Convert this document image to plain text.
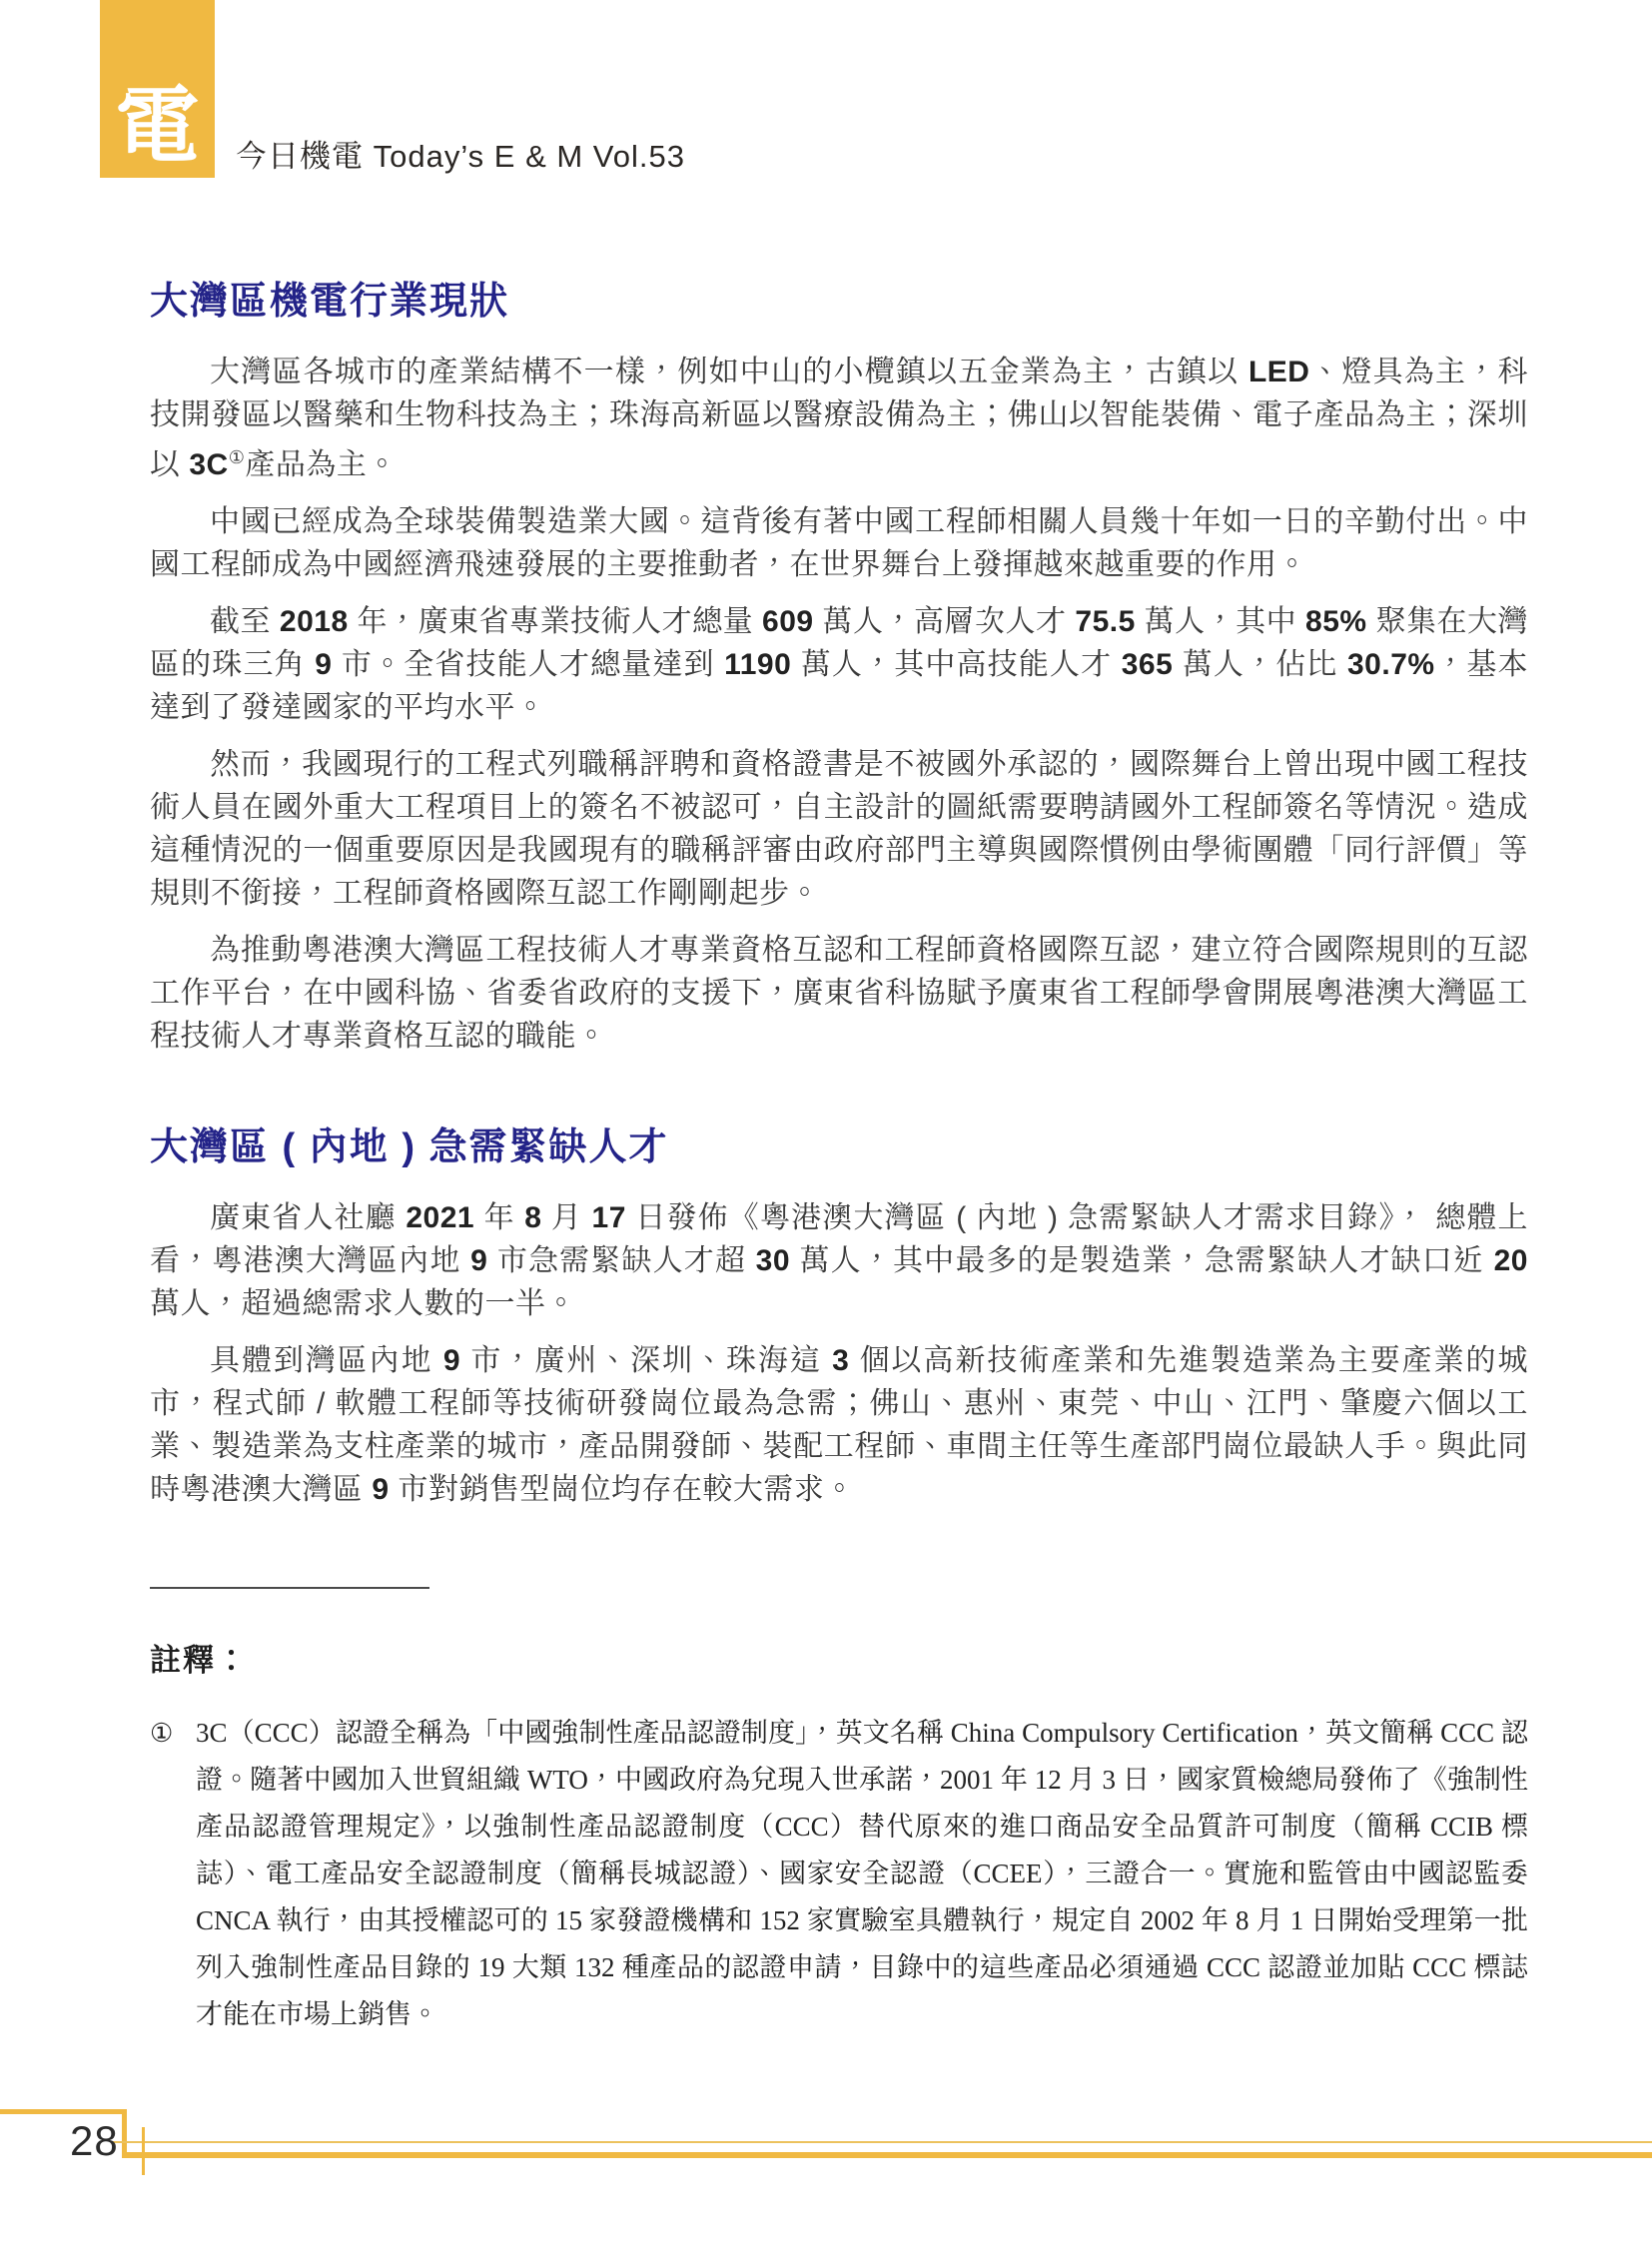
電 今日機電 Today’s E & M Vol.53
大灣區機電行業現狀

大灣區各城市的產業結構不一樣，例如中山的小欖鎮以五金業為主，古鎮以 LED、燈具為主，科技開發區以醫藥和生物科技為主；珠海高新區以醫療設備為主；佛山以智能裝備、電子產品為主；深圳以 3C①產品為主。

中國已經成為全球裝備製造業大國。這背後有著中國工程師相關人員幾十年如一日的辛勤付出。中國工程師成為中國經濟飛速發展的主要推動者，在世界舞台上發揮越來越重要的作用。

截至 2018 年，廣東省專業技術人才總量 609 萬人，高層次人才 75.5 萬人，其中 85% 聚集在大灣區的珠三角 9 市。全省技能人才總量達到 1190 萬人，其中高技能人才 365 萬人，佔比 30.7%，基本達到了發達國家的平均水平。

然而，我國現行的工程式列職稱評聘和資格證書是不被國外承認的，國際舞台上曾出現中國工程技術人員在國外重大工程項目上的簽名不被認可，自主設計的圖紙需要聘請國外工程師簽名等情況。造成這種情況的一個重要原因是我國現有的職稱評審由政府部門主導與國際慣例由學術團體「同行評價」等規則不銜接，工程師資格國際互認工作剛剛起步。

為推動粵港澳大灣區工程技術人才專業資格互認和工程師資格國際互認，建立符合國際規則的互認工作平台，在中國科協、省委省政府的支援下，廣東省科協賦予廣東省工程師學會開展粵港澳大灣區工程技術人才專業資格互認的職能。

大灣區 ( 內地 ) 急需緊缺人才

廣東省人社廳 2021 年 8 月 17 日發佈《粵港澳大灣區 ( 內地 ) 急需緊缺人才需求目錄》， 總體上看，粵港澳大灣區內地 9 市急需緊缺人才超 30 萬人，其中最多的是製造業，急需緊缺人才缺口近 20 萬人，超過總需求人數的一半。

具體到灣區內地 9 市，廣州、深圳、珠海這 3 個以高新技術產業和先進製造業為主要產業的城市，程式師 / 軟體工程師等技術研發崗位最為急需；佛山、惠州、東莞、中山、江門、肇慶六個以工業、製造業為支柱產業的城市，產品開發師、裝配工程師、車間主任等生產部門崗位最缺人手。與此同時粵港澳大灣區 9 市對銷售型崗位均存在較大需求。

註釋：
① 3C（CCC）認證全稱為「中國強制性產品認證制度」，英文名稱 China Compulsory Certification，英文簡稱 CCC 認證。隨著中國加入世貿組織 WTO，中國政府為兌現入世承諾，2001 年 12 月 3 日，國家質檢總局發佈了《強制性產品認證管理規定》，以強制性產品認證制度（CCC）替代原來的進口商品安全品質許可制度（簡稱 CCIB 標誌）、電工產品安全認證制度（簡稱長城認證）、國家安全認證（CCEE），三證合一。實施和監管由中國認監委 CNCA 執行，由其授權認可的 15 家發證機構和 152 家實驗室具體執行，規定自 2002 年 8 月 1 日開始受理第一批列入強制性產品目錄的 19 大類 132 種產品的認證申請，目錄中的這些產品必須通過 CCC 認證並加貼 CCC 標誌才能在市場上銷售。
28
